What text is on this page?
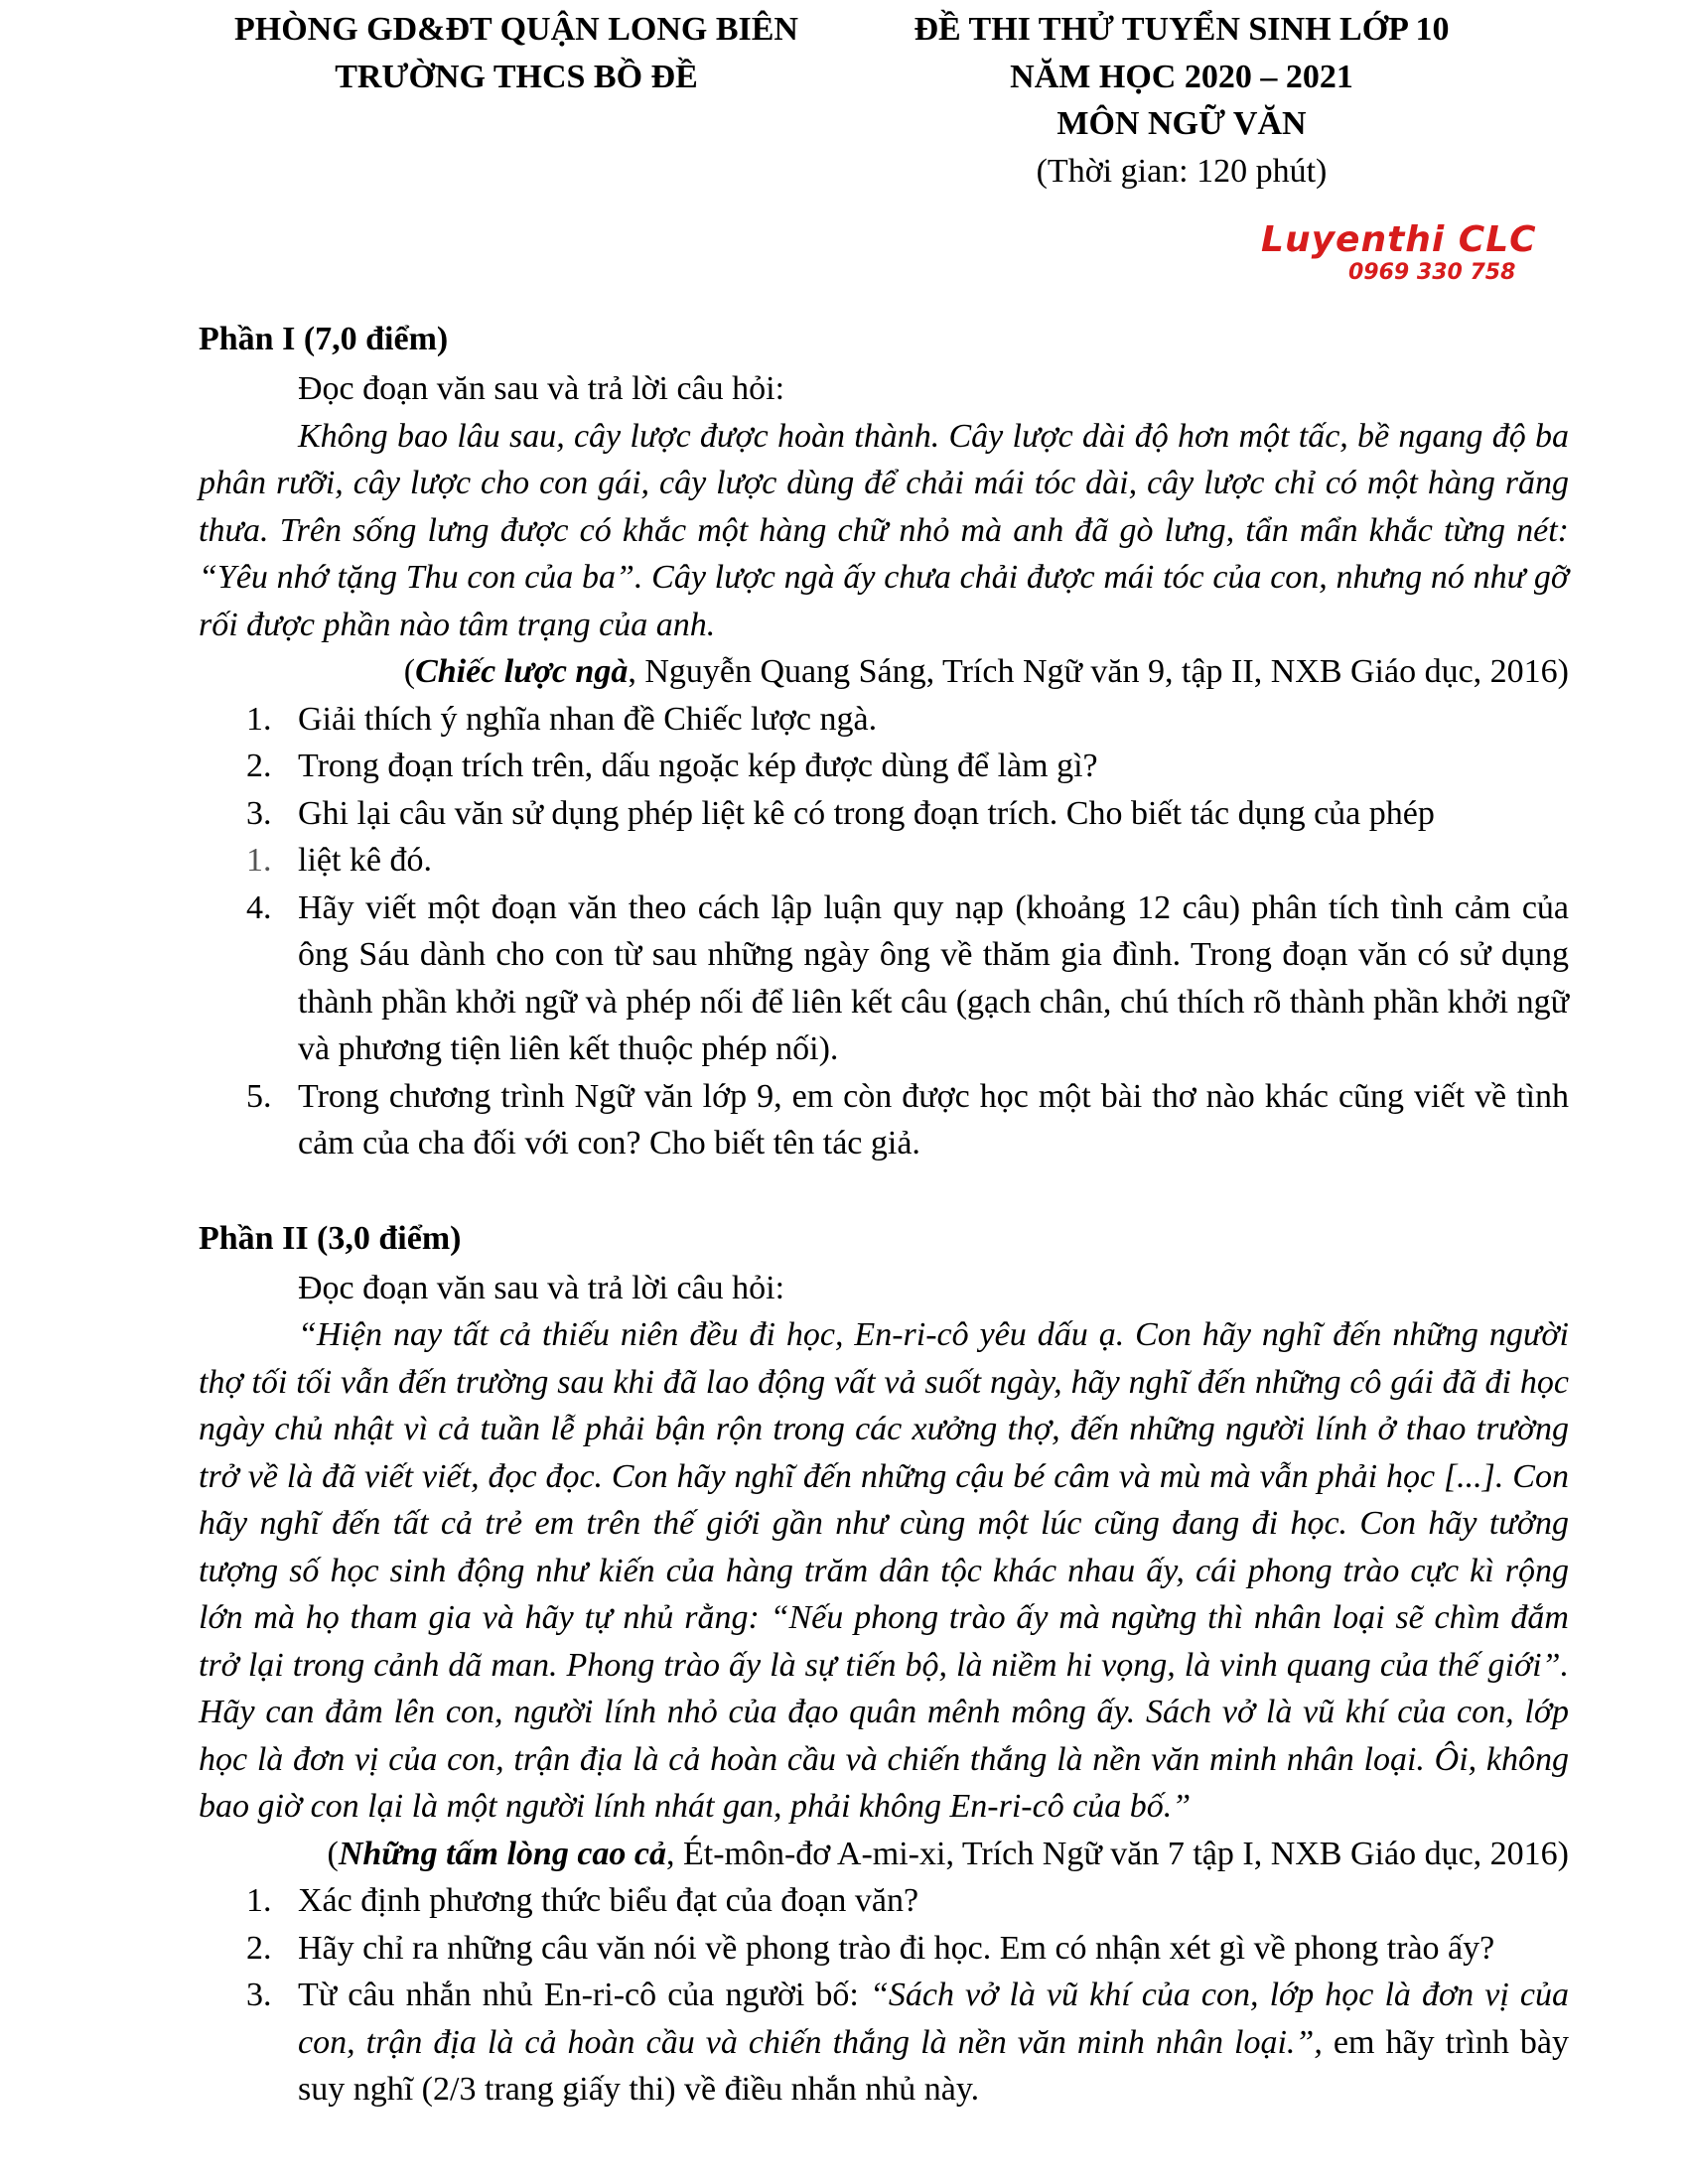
PHÒNG GD&ĐT QUẬN LONG BIÊN
TRƯỜNG THCS BỒ ĐỀ
ĐỀ THI THỬ TUYỂN SINH LỚP 10
NĂM HỌC 2020 – 2021
MÔN NGỮ VĂN
(Thời gian: 120 phút)
Luyenthi CLC
0969 330 758
Phần I (7,0 điểm)
Đọc đoạn văn sau và trả lời câu hỏi:

Không bao lâu sau, cây lược được hoàn thành. Cây lược dài độ hơn một tấc, bề ngang độ ba phân rưỡi, cây lược cho con gái, cây lược dùng để chải mái tóc dài, cây lược chỉ có một hàng răng thưa. Trên sống lưng được có khắc một hàng chữ nhỏ mà anh đã gò lưng, tẩn mẩn khắc từng nét: “Yêu nhớ tặng Thu con của ba”. Cây lược ngà ấy chưa chải được mái tóc của con, nhưng nó như gỡ rối được phần nào tâm trạng của anh.

(Chiếc lược ngà, Nguyễn Quang Sáng, Trích Ngữ văn 9, tập II, NXB Giáo dục, 2016)
1. Giải thích ý nghĩa nhan đề Chiếc lược ngà.
2. Trong đoạn trích trên, dấu ngoặc kép được dùng để làm gì?
3. Ghi lại câu văn sử dụng phép liệt kê có trong đoạn trích. Cho biết tác dụng của phép
1. liệt kê đó.
4. Hãy viết một đoạn văn theo cách lập luận quy nạp (khoảng 12 câu) phân tích tình cảm của ông Sáu dành cho con từ sau những ngày ông về thăm gia đình. Trong đoạn văn có sử dụng thành phần khởi ngữ và phép nối để liên kết câu (gạch chân, chú thích rõ thành phần khởi ngữ và phương tiện liên kết thuộc phép nối).
5. Trong chương trình Ngữ văn lớp 9, em còn được học một bài thơ nào khác cũng viết về tình cảm của cha đối với con? Cho biết tên tác giả.
Phần II (3,0 điểm)
Đọc đoạn văn sau và trả lời câu hỏi:

“Hiện nay tất cả thiếu niên đều đi học, En-ri-cô yêu dấu ạ. Con hãy nghĩ đến những người thợ tối tối vẫn đến trường sau khi đã lao động vất vả suốt ngày, hãy nghĩ đến những cô gái đã đi học ngày chủ nhật vì cả tuần lễ phải bận rộn trong các xưởng thợ, đến những người lính ở thao trường trở về là đã viết viết, đọc đọc. Con hãy nghĩ đến những cậu bé câm và mù mà vẫn phải học [...]. Con hãy nghĩ đến tất cả trẻ em trên thế giới gần như cùng một lúc cũng đang đi học. Con hãy tưởng tượng số học sinh động như kiến của hàng trăm dân tộc khác nhau ấy, cái phong trào cực kì rộng lớn mà họ tham gia và hãy tự nhủ rằng: “Nếu phong trào ấy mà ngừng thì nhân loại sẽ chìm đắm trở lại trong cảnh dã man. Phong trào ấy là sự tiến bộ, là niềm hi vọng, là vinh quang của thế giới”. Hãy can đảm lên con, người lính nhỏ của đạo quân mênh mông ấy. Sách vở là vũ khí của con, lớp học là đơn vị của con, trận địa là cả hoàn cầu và chiến thắng là nền văn minh nhân loại. Ôi, không bao giờ con lại là một người lính nhát gan, phải không En-ri-cô của bố.”

(Những tấm lòng cao cả, Ét-môn-đơ A-mi-xi, Trích Ngữ văn 7 tập I, NXB Giáo dục, 2016)
1. Xác định phương thức biểu đạt của đoạn văn?
2. Hãy chỉ ra những câu văn nói về phong trào đi học. Em có nhận xét gì về phong trào ấy?
3. Từ câu nhắn nhủ En-ri-cô của người bố: “Sách vở là vũ khí của con, lớp học là đơn vị của con, trận địa là cả hoàn cầu và chiến thắng là nền văn minh nhân loại.”, em hãy trình bày suy nghĩ (2/3 trang giấy thi) về điều nhắn nhủ này.
